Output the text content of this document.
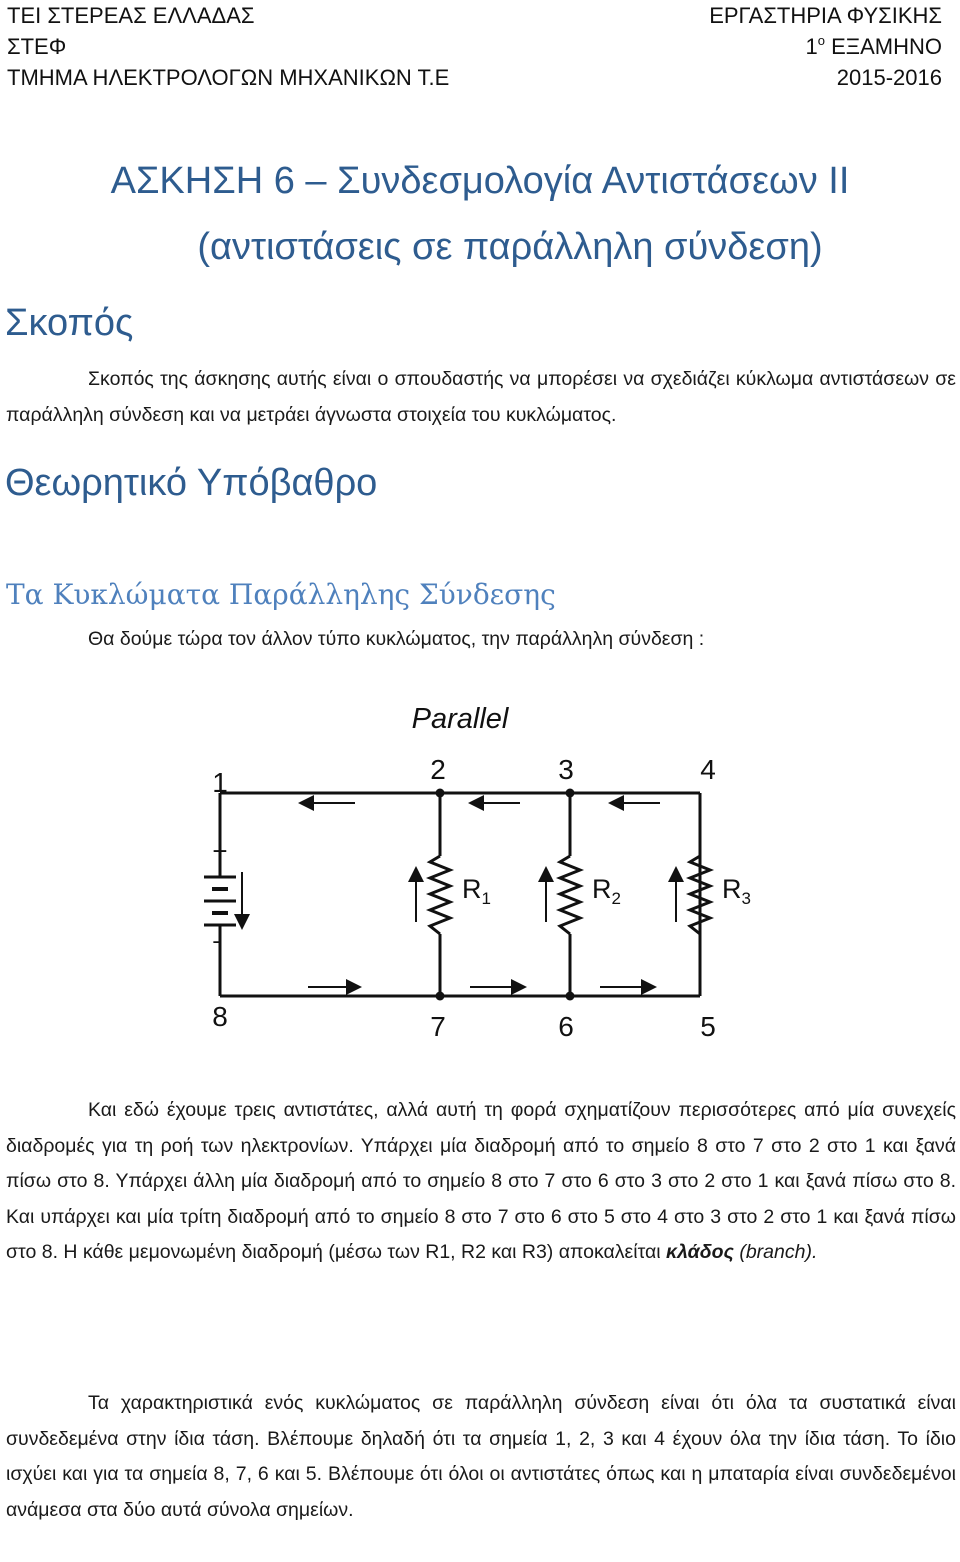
ΤΕΙ ΣΤΕΡΕΑΣ ΕΛΛΑΔΑΣ
ΣΤΕΦ
ΤΜΗΜΑ ΗΛΕΚΤΡΟΛΟΓΩΝ ΜΗΧΑΝΙΚΩΝ Τ.Ε
ΕΡΓΑΣΤΗΡΙΑ ΦΥΣΙΚΗΣ
$1^o$ ΕΞΑΜΗΝΟ
2015-2016
ΑΣΚΗΣΗ 6 – Συνδεσμολογία Αντιστάσεων ΙΙ
(αντιστάσεις σε παράλληλη σύνδεση)
Σκοπός
Σκοπός της άσκησης αυτής είναι ο σπουδαστής να μπορέσει να σχεδιάζει κύκλωμα αντιστάσεων σε παράλληλη σύνδεση και να μετράει άγνωστα στοιχεία του κυκλώματος.
Θεωρητικό Υπόβαθρο
Τα Κυκλώματα Παράλληλης Σύνδεσης
Θα δούμε τώρα τον άλλον τύπο κυκλώματος, την παράλληλη σύνδεση :
Parallel
+
-
$R_1$	$R_2$	$R_3$
1	2	3	4
8	7	6	5
Και εδώ έχουμε τρεις αντιστάτες, αλλά αυτή τη φορά σχηματίζουν περισσότερες από μία συνεχείς διαδρομές για τη ροή των ηλεκτρονίων. Υπάρχει μία διαδρομή από το σημείο 8 στο 7 στο 2 στο 1 και ξανά πίσω στο 8. Υπάρχει άλλη μία διαδρομή από το σημείο 8 στο 7 στο 6 στο 3 στο 2 στο 1 και ξανά πίσω στο 8. Και υπάρχει και μία τρίτη διαδρομή από το σημείο 8 στο 7 στο 6 στο 5 στο 4 στο 3 στο 2 στο 1 και ξανά πίσω στο 8. Η κάθε μεμονωμένη διαδρομή (μέσω των R1, R2 και R3) αποκαλείται κλάδος (branch).
Τα χαρακτηριστικά ενός κυκλώματος σε παράλληλη σύνδεση είναι ότι όλα τα συστατικά είναι συνδεδεμένα στην ίδια τάση. Βλέπουμε δηλαδή ότι τα σημεία 1, 2, 3 και 4 έχουν όλα την ίδια τάση. Το ίδιο ισχύει και για τα σημεία 8, 7, 6 και 5. Βλέπουμε ότι όλοι οι αντιστάτες όπως και η μπαταρία είναι συνδεδεμένοι ανάμεσα στα δύο αυτά σύνολα σημείων.
